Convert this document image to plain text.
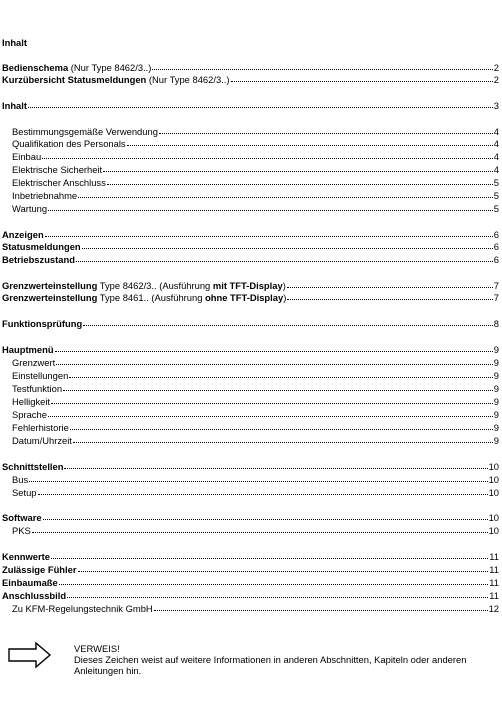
Inhalt
Bedienschema (Nur Type 8462/3..)	2
Kurzübersicht Statusmeldungen (Nur Type 8462/3..)	2
Inhalt	3
Bestimmungsgemäße Verwendung	4
Qualifikation des Personals	4
Einbau	4
Elektrische Sicherheit	4
Elektrischer Anschluss	5
Inbetriebnahme	5
Wartung	5
Anzeigen	6
Statusmeldungen	6
Betriebszustand	6
Grenzwerteinstellung Type 8462/3.. (Ausführung mit TFT-Display)	7
Grenzwerteinstellung Type 8461.. (Ausführung ohne TFT-Display)	7
Funktionsprüfung	8
Hauptmenü	9
Grenzwert	9
Einstellungen	9
Testfunktion	9
Helligkeit	9
Sprache	9
Fehlerhistorie	9
Datum/Uhrzeit	9
Schnittstellen	10
Bus	10
Setup	10
Software	10
PKS	10
Kennwerte	11
Zulässige Fühler	11
Einbaumaße	11
Anschlussbild	11
Zu KFM-Regelungstechnik GmbH	12
VERWEIS!
Dieses Zeichen weist auf weitere Informationen in anderen Abschnitten, Kapiteln oder anderen Anleitungen hin.
